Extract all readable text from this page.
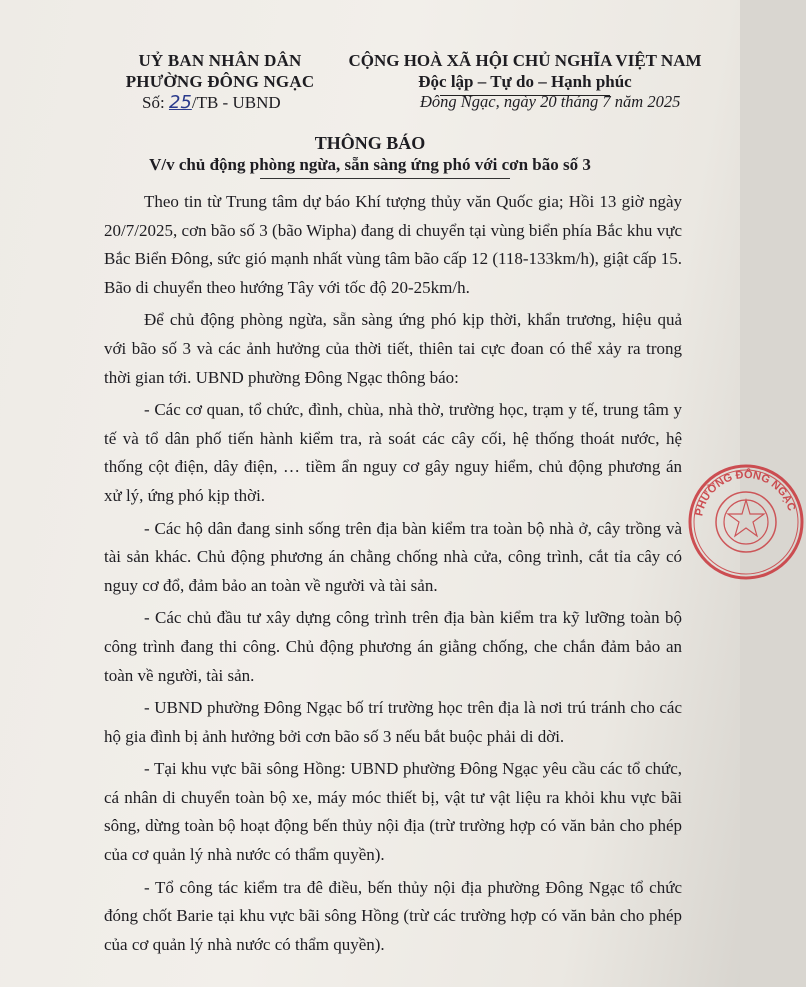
UỶ BAN NHÂN DÂN
PHƯỜNG ĐÔNG NGẠC
Số: 25/TB - UBND
CỘNG HOÀ XÃ HỘI CHỦ NGHĨA VIỆT NAM
Độc lập – Tự do – Hạnh phúc
Đông Ngạc, ngày 20 tháng 7 năm 2025
THÔNG BÁO
V/v chủ động phòng ngừa, sẵn sàng ứng phó với cơn bão số 3

Theo tin từ Trung tâm dự báo Khí tượng thủy văn Quốc gia; Hồi 13 giờ ngày 20/7/2025, cơn bão số 3 (bão Wipha) đang di chuyển tại vùng biển phía Bắc khu vực Bắc Biển Đông, sức gió mạnh nhất vùng tâm bão cấp 12 (118-133km/h), giật cấp 15. Bão di chuyển theo hướng Tây với tốc độ 20-25km/h.

Để chủ động phòng ngừa, sẵn sàng ứng phó kịp thời, khẩn trương, hiệu quả với bão số 3 và các ảnh hưởng của thời tiết, thiên tai cực đoan có thể xảy ra trong thời gian tới. UBND phường Đông Ngạc thông báo:

- Các cơ quan, tổ chức, đình, chùa, nhà thờ, trường học, trạm y tế, trung tâm y tế và tổ dân phố tiến hành kiểm tra, rà soát các cây cối, hệ thống thoát nước, hệ thống cột điện, dây điện, … tiềm ẩn nguy cơ gây nguy hiểm, chủ động phương án xử lý, ứng phó kịp thời.

- Các hộ dân đang sinh sống trên địa bàn kiểm tra toàn bộ nhà ở, cây trồng và tài sản khác. Chủ động phương án chằng chống nhà cửa, công trình, cắt tỉa cây có nguy cơ đổ, đảm bảo an toàn về người và tài sản.

- Các chủ đầu tư xây dựng công trình trên địa bàn kiểm tra kỹ lưỡng toàn bộ công trình đang thi công. Chủ động phương án giằng chống, che chắn đảm bảo an toàn về người, tài sản.

- UBND phường Đông Ngạc bố trí trường học trên địa là nơi trú tránh cho các hộ gia đình bị ảnh hưởng bởi cơn bão số 3 nếu bắt buộc phải di dời.

- Tại khu vực bãi sông Hồng: UBND phường Đông Ngạc yêu cầu các tổ chức, cá nhân di chuyển toàn bộ xe, máy móc thiết bị, vật tư vật liệu ra khỏi khu vực bãi sông, dừng toàn bộ hoạt động bến thủy nội địa (trừ trường hợp có văn bản cho phép của cơ quản lý nhà nước có thẩm quyền).

- Tổ công tác kiểm tra đê điều, bến thủy nội địa phường Đông Ngạc tổ chức đóng chốt Barie tại khu vực bãi sông Hồng (trừ các trường hợp có văn bản cho phép của cơ quản lý nhà nước có thẩm quyền).

PHƯỜNG ĐÔNG NGẠC
